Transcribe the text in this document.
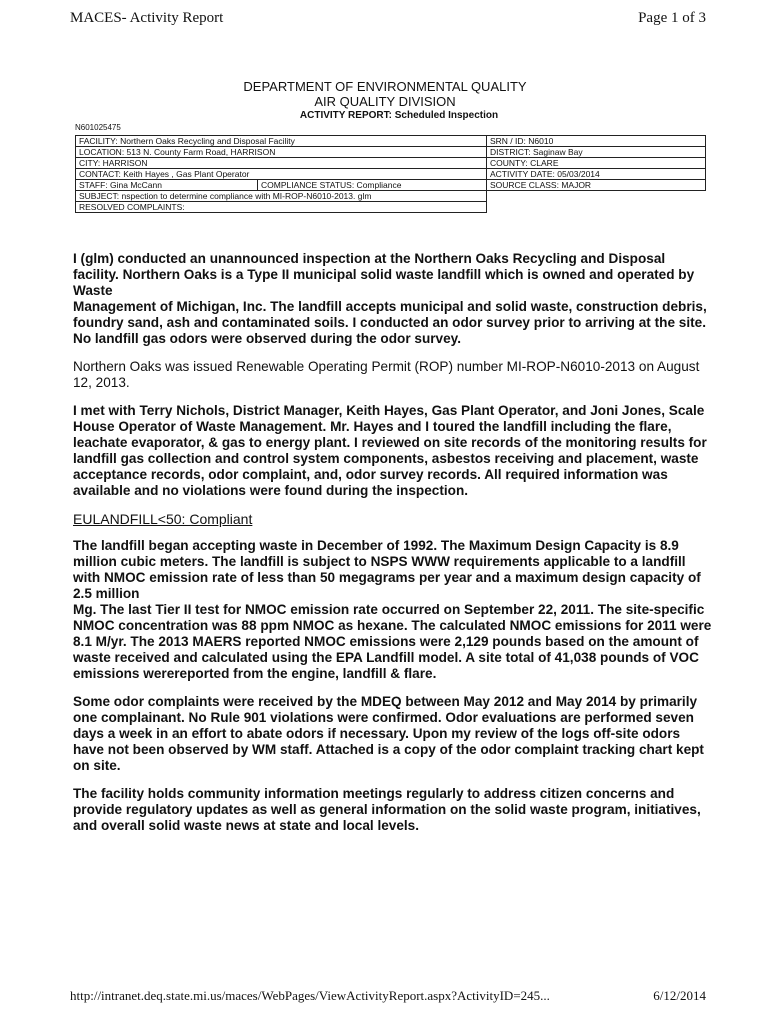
MACES- Activity Report	Page 1 of 3
DEPARTMENT OF ENVIRONMENTAL QUALITY
AIR QUALITY DIVISION
ACTIVITY REPORT: Scheduled Inspection
N601025475
FACILITY: Northern Oaks Recycling and Disposal Facility		SRN / ID: N6010
LOCATION: 513 N. County Farm Road, HARRISON		DISTRICT: Saginaw Bay
CITY: HARRISON		COUNTY: CLARE
CONTACT: Keith Hayes , Gas Plant Operator		ACTIVITY DATE: 05/03/2014
STAFF: Gina McCann	COMPLIANCE STATUS: Compliance	SOURCE CLASS: MAJOR
SUBJECT: nspection to determine compliance with MI-ROP-N6010-2013. glm		
RESOLVED COMPLAINTS:		

I (glm) conducted an unannounced inspection at the Northern Oaks Recycling and Disposal facility. Northern Oaks is a Type II municipal solid waste landfill which is owned and operated by Waste
Management of Michigan, Inc. The landfill accepts municipal and solid waste, construction debris, foundry sand, ash and contaminated soils. I conducted an odor survey prior to arriving at the site. No landfill gas odors were observed during the odor survey.

Northern Oaks was issued Renewable Operating Permit (ROP) number MI-ROP-N6010-2013 on August 12, 2013.

I met with Terry Nichols, District Manager, Keith Hayes, Gas Plant Operator, and Joni Jones, Scale House Operator of Waste Management. Mr. Hayes and I toured the landfill including the flare, leachate evaporator, & gas to energy plant. I reviewed on site records of the monitoring results for landfill gas collection and control system components, asbestos receiving and placement, waste acceptance records, odor complaint, and, odor survey records. All required information was available and no violations were found during the inspection.

EULANDFILL<50: Compliant

The landfill began accepting waste in December of 1992. The Maximum Design Capacity is 8.9 million cubic meters. The landfill is subject to NSPS WWW requirements applicable to a landfill with NMOC emission rate of less than 50 megagrams per year and a maximum design capacity of 2.5 million
Mg. The last Tier II test for NMOC emission rate occurred on September 22, 2011. The site-specific NMOC concentration was 88 ppm NMOC as hexane. The calculated NMOC emissions for 2011 were 8.1 M/yr. The 2013 MAERS reported NMOC emissions were 2,129 pounds based on the amount of waste received and calculated using the EPA Landfill model. A site total of 41,038 pounds of VOC emissions werereported from the engine, landfill & flare.

Some odor complaints were received by the MDEQ between May 2012 and May 2014 by primarily one complainant. No Rule 901 violations were confirmed. Odor evaluations are performed seven days a week in an effort to abate odors if necessary. Upon my review of the logs off-site odors have not been observed by WM staff. Attached is a copy of the odor complaint tracking chart kept on site.

The facility holds community information meetings regularly to address citizen concerns and provide regulatory updates as well as general information on the solid waste program, initiatives, and overall solid waste news at state and local levels.

http://intranet.deq.state.mi.us/maces/WebPages/ViewActivityReport.aspx?ActivityID=245...	6/12/2014
